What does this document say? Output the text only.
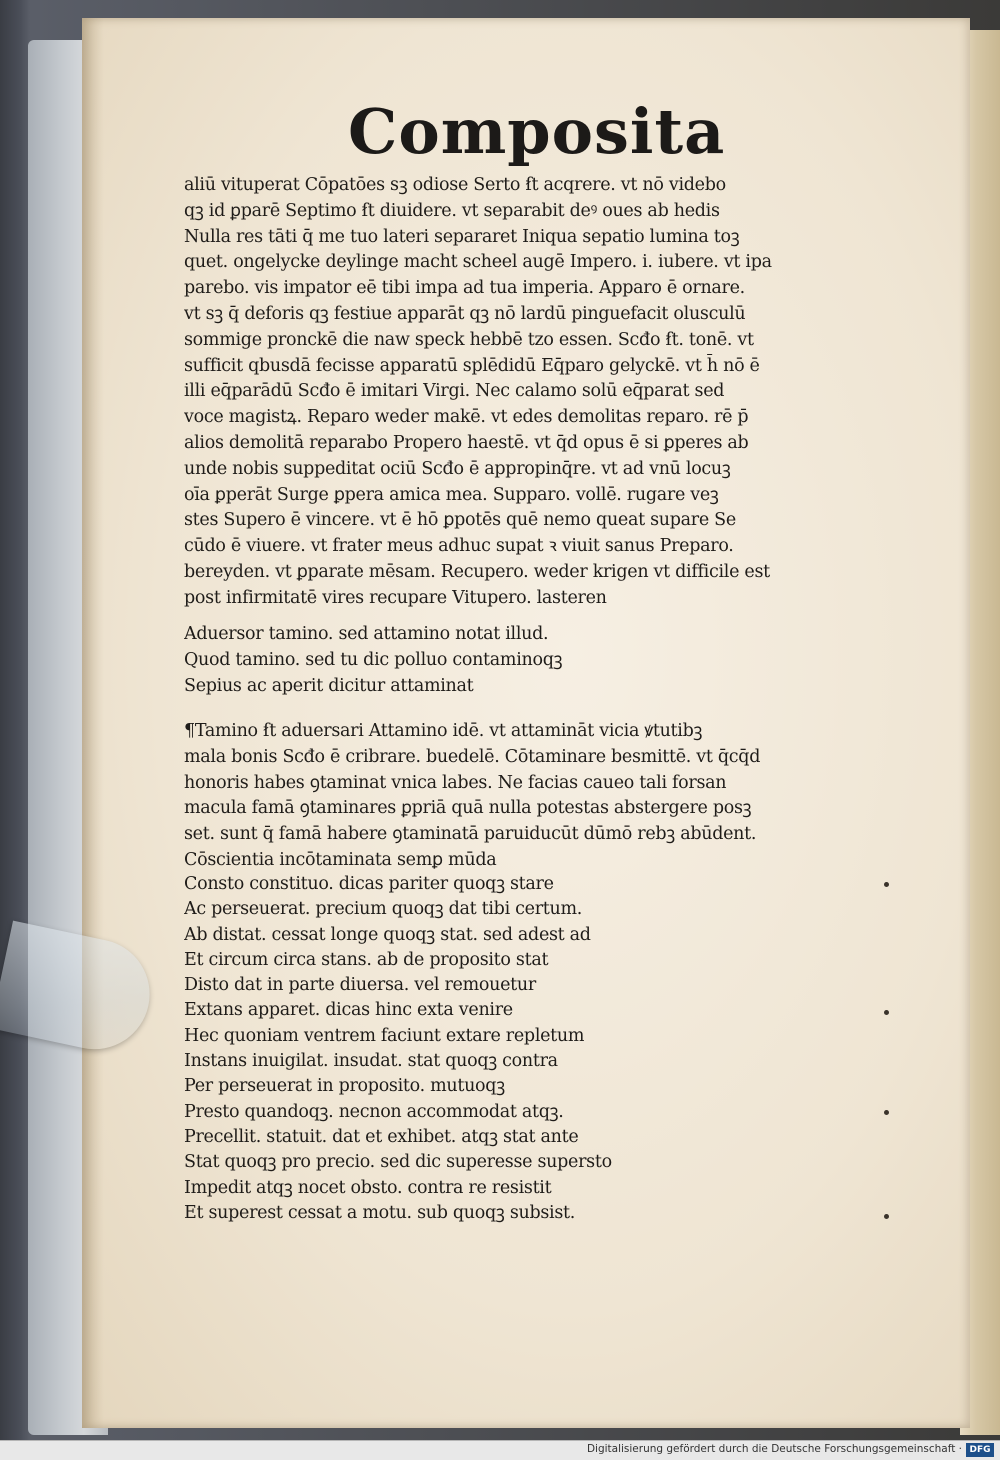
Composita
aliū vituperat Cōpatōes sꝫ odiose Serto ẜt acqrere. vt nō videbo
qꝫ id ꝑparē Septimo ẜt diuidere. vt separabit deꝰ oues ab hedis
Nulla res tāti q̄ me tuo lateri separaret Iniqua sepatio lumina toꝫ
quet. ongelycke deylinge macht scheel augē Impero. i. iubere. vt ipa
parebo. vis impator eē tibi impa ad tua imperia. Apparo ē ornare.
vt sꝫ q̄ deforis qꝫ festiue apparāt qꝫ nō lardū pinguefacit olusculū
sommige pronckē die naw speck hebbē tzo essen. Scđo ẜt. tonē. vt
sufficit qbusdā fecisse apparatū splēdidū Eq̄paro gelyckē. vt h̄ nō ē
illi eq̄parādū Scđo ē imitari Virgi. Nec calamo solū eq̄parat sed
voce magistꝝ. Reparo weder makē. vt edes demolitas reparo. rē p̄
alios demolitā reparabo Propero haestē. vt q̄d opus ē si ꝑperes ab
unde nobis suppeditat ociū Scđo ē appropinq̄re. vt ad vnū locuꝫ
oīa ꝑperāt Surge ꝑpera amica mea. Supparo. vollē. rugare veꝫ
stes Supero ē vincere. vt ē hō ꝑpotēs quē nemo queat supare Se
cūdo ē viuere. vt frater meus adhuc supat ꝛ viuit sanus Preparo.
bereyden. vt ꝑparate mēsam. Recupero. weder krigen vt difficile est
post infirmitatē vires recupare Vitupero. lasteren
Aduersor tamino. sed attamino notat illud.
Quod tamino. sed tu dic polluo contaminoqꝫ
Sepius ac aperit dicitur attaminat
¶Tamino ẜt aduersari Attamino idē. vt attamināt vicia ꝟtutibꝫ
mala bonis Scđo ē cribrare. buedelē. Cōtaminare besmittē. vt q̄cq̄d
honoris habes ꝯtaminat vnica labes. Ne facias caueo tali forsan
macula famā ꝯtaminares ꝑpriā quā nulla potestas abstergere posꝫ
set. sunt q̄ famā habere ꝯtaminatā paruiducūt dūmō rebꝫ abūdent.
Cōscientia incōtaminata semꝑ mūda
Consto constituo. dicas pariter quoqꝫ stare
Ac perseuerat. precium quoqꝫ dat tibi certum.
Ab distat. cessat longe quoqꝫ stat. sed adest ad
Et circum circa stans. ab de proposito stat
Disto dat in parte diuersa. vel remouetur
Extans apparet. dicas hinc exta venire
Hec quoniam ventrem faciunt extare repletum
Instans inuigilat. insudat. stat quoqꝫ contra
Per perseuerat in proposito. mutuoqꝫ
Presto quandoqꝫ. necnon accommodat atqꝫ.
Precellit. statuit. dat et exhibet. atqꝫ stat ante
Stat quoqꝫ pro precio. sed dic superesse supersto
Impedit atqꝫ nocet obsto. contra re resistit
Et superest cessat a motu. sub quoqꝫ subsist.
Digitalisierung gefördert durch die Deutsche Forschungsgemeinschaft · DFG
